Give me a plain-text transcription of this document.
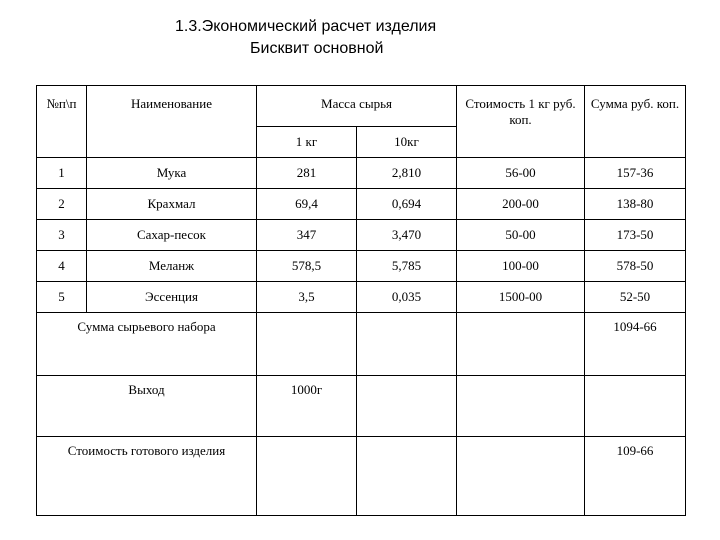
1.3.Экономический расчет изделия
Бисквит основной
№п\п	Наименование	Масса сырья		Стоимость 1 кг руб. коп.	Сумма руб. коп.
		1 кг	10кг		
1	Мука	281	2,810	56-00	157-36
2	Крахмал	69,4	0,694	200-00	138-80
3	Сахар-песок	347	3,470	50-00	173-50
4	Меланж	578,5	5,785	100-00	578-50
5	Эссенция	3,5	0,035	1500-00	52-50
Сумма сырьевого набора					1094-66
Выход		1000г			
Стоимость готового изделия					109-66
